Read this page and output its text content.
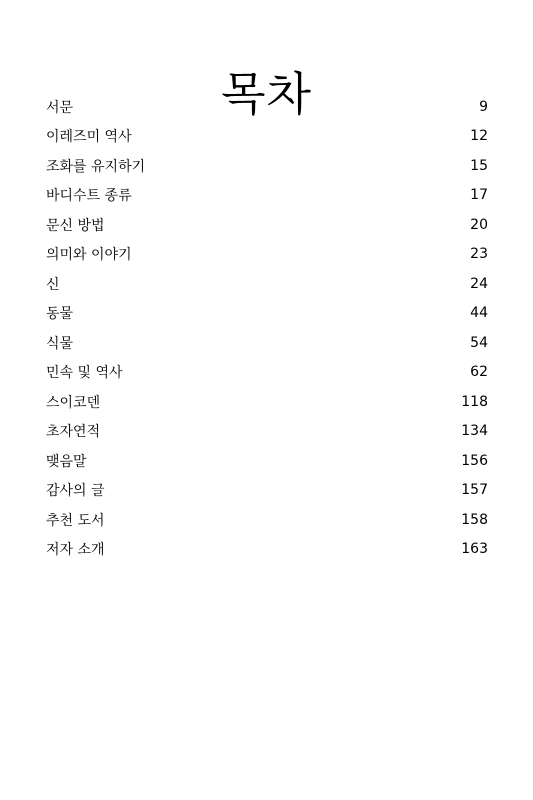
목차
서문	9
이레즈미 역사	12
조화를 유지하기	15
바디수트 종류	17
문신 방법	20
의미와 이야기	23
신	24
동물	44
식물	54
민속 및 역사	62
스이코덴	118
초자연적	134
맺음말	156
감사의 글	157
추천 도서	158
저자 소개	163
